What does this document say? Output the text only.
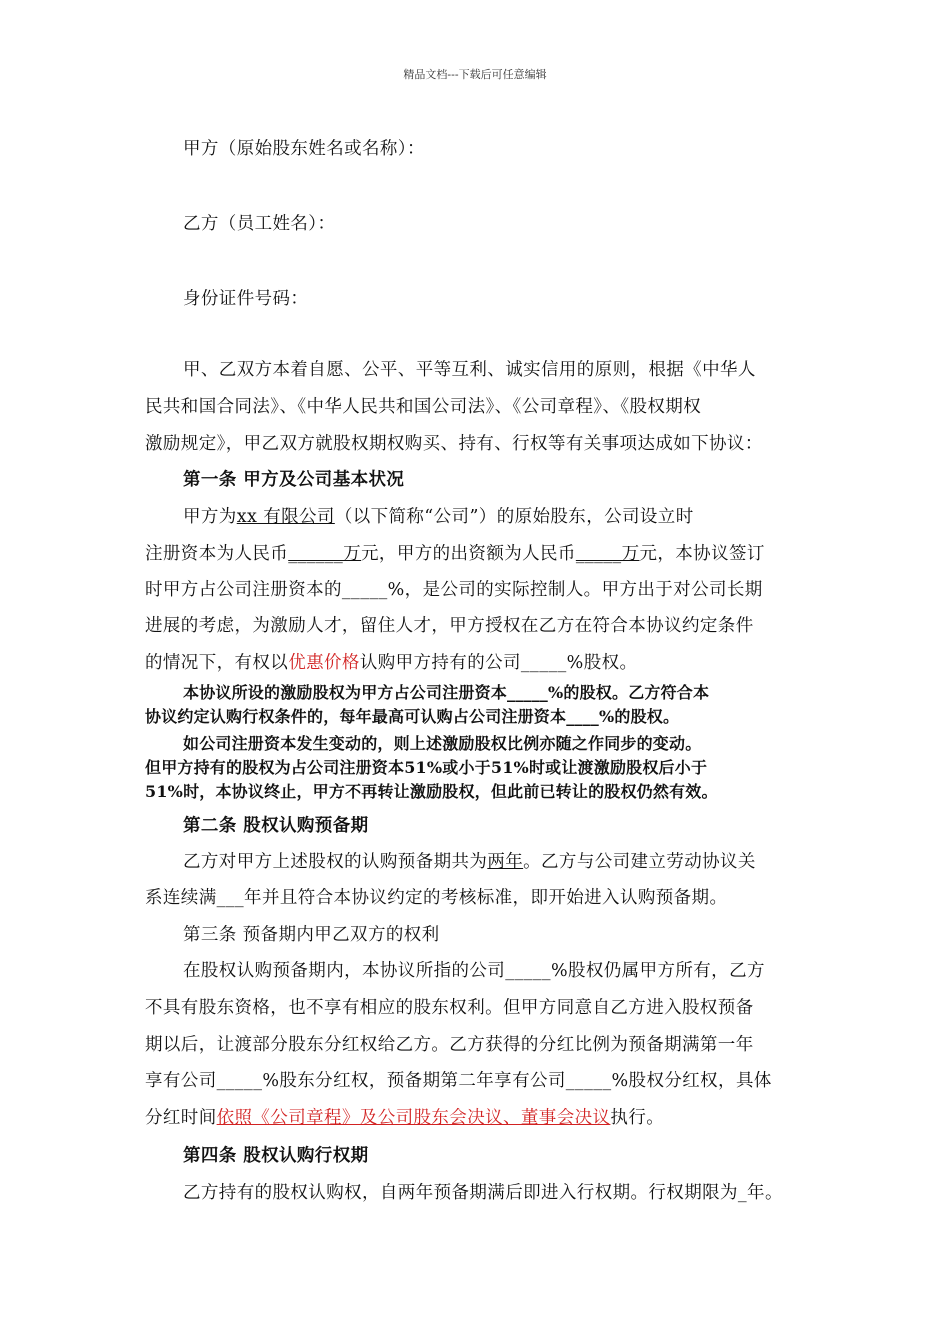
精品文档---下载后可任意编辑
甲方（原始股东姓名或名称）：
乙方（员工姓名）：
身份证件号码：
甲、乙双方本着自愿、公平、平等互利、诚实信用的原则，根据《中华人
民共和国合同法》、《中华人民共和国公司法》、《公司章程》、《股权期权
激励规定》，甲乙双方就股权期权购买、持有、行权等有关事项达成如下协议：
第一条 甲方及公司基本状况
甲方为xx 有限公司（以下简称“公司”）的原始股东，公司设立时
注册资本为人民币______万元，甲方的出资额为人民币_____万元，本协议签订
时甲方占公司注册资本的_____%，是公司的实际控制人。甲方出于对公司长期
进展的考虑，为激励人才，留住人才，甲方授权在乙方在符合本协议约定条件
的情况下，有权以优惠价格认购甲方持有的公司_____%股权。
本协议所设的激励股权为甲方占公司注册资本_____%的股权。乙方符合本
协议约定认购行权条件的，每年最高可认购占公司注册资本____%的股权。
如公司注册资本发生变动的，则上述激励股权比例亦随之作同步的变动。
但甲方持有的股权为占公司注册资本51%或小于51%时或让渡激励股权后小于
51%时，本协议终止，甲方不再转让激励股权，但此前已转让的股权仍然有效。
第二条 股权认购预备期
乙方对甲方上述股权的认购预备期共为两年。乙方与公司建立劳动协议关
系连续满___年并且符合本协议约定的考核标准，即开始进入认购预备期。
第三条 预备期内甲乙双方的权利
在股权认购预备期内，本协议所指的公司_____%股权仍属甲方所有，乙方
不具有股东资格，也不享有相应的股东权利。但甲方同意自乙方进入股权预备
期以后，让渡部分股东分红权给乙方。乙方获得的分红比例为预备期满第一年
享有公司_____%股东分红权，预备期第二年享有公司_____%股权分红权，具体
分红时间依照《公司章程》及公司股东会决议、董事会决议执行。
第四条 股权认购行权期
乙方持有的股权认购权，自两年预备期满后即进入行权期。行权期限为_年。
